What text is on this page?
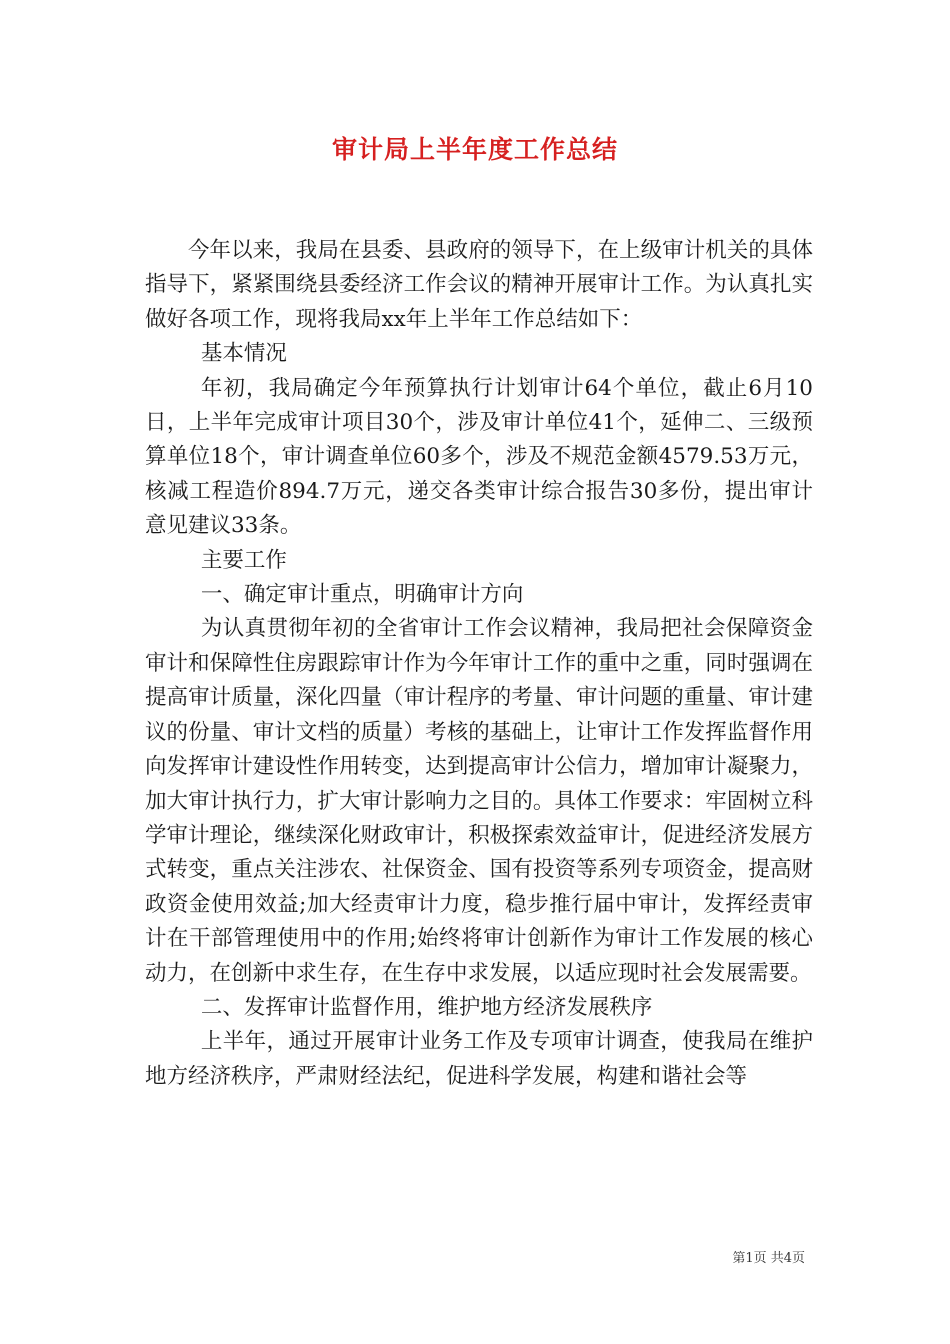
审计局上半年度工作总结

今年以来，我局在县委、县政府的领导下，在上级审计机关的具体指导下，紧紧围绕县委经济工作会议的精神开展审计工作。为认真扎实做好各项工作，现将我局xx年上半年工作总结如下：

基本情况

年初，我局确定今年预算执行计划审计64个单位，截止6月10日，上半年完成审计项目30个，涉及审计单位41个，延伸二、三级预算单位18个，审计调查单位60多个，涉及不规范金额4579.53万元，核减工程造价894.7万元，递交各类审计综合报告30多份，提出审计意见建议33条。

主要工作

一、确定审计重点，明确审计方向

为认真贯彻年初的全省审计工作会议精神，我局把社会保障资金审计和保障性住房跟踪审计作为今年审计工作的重中之重，同时强调在提高审计质量，深化四量（审计程序的考量、审计问题的重量、审计建议的份量、审计文档的质量）考核的基础上，让审计工作发挥监督作用向发挥审计建设性作用转变，达到提高审计公信力，增加审计凝聚力，加大审计执行力，扩大审计影响力之目的。具体工作要求：牢固树立科学审计理论，继续深化财政审计，积极探索效益审计，促进经济发展方式转变，重点关注涉农、社保资金、国有投资等系列专项资金，提高财政资金使用效益;加大经责审计力度，稳步推行届中审计，发挥经责审计在干部管理使用中的作用;始终将审计创新作为审计工作发展的核心动力，在创新中求生存，在生存中求发展，以适应现时社会发展需要。

二、发挥审计监督作用，维护地方经济发展秩序

上半年，通过开展审计业务工作及专项审计调查，使我局在维护地方经济秩序，严肃财经法纪，促进科学发展，构建和谐社会等

第1页 共4页
